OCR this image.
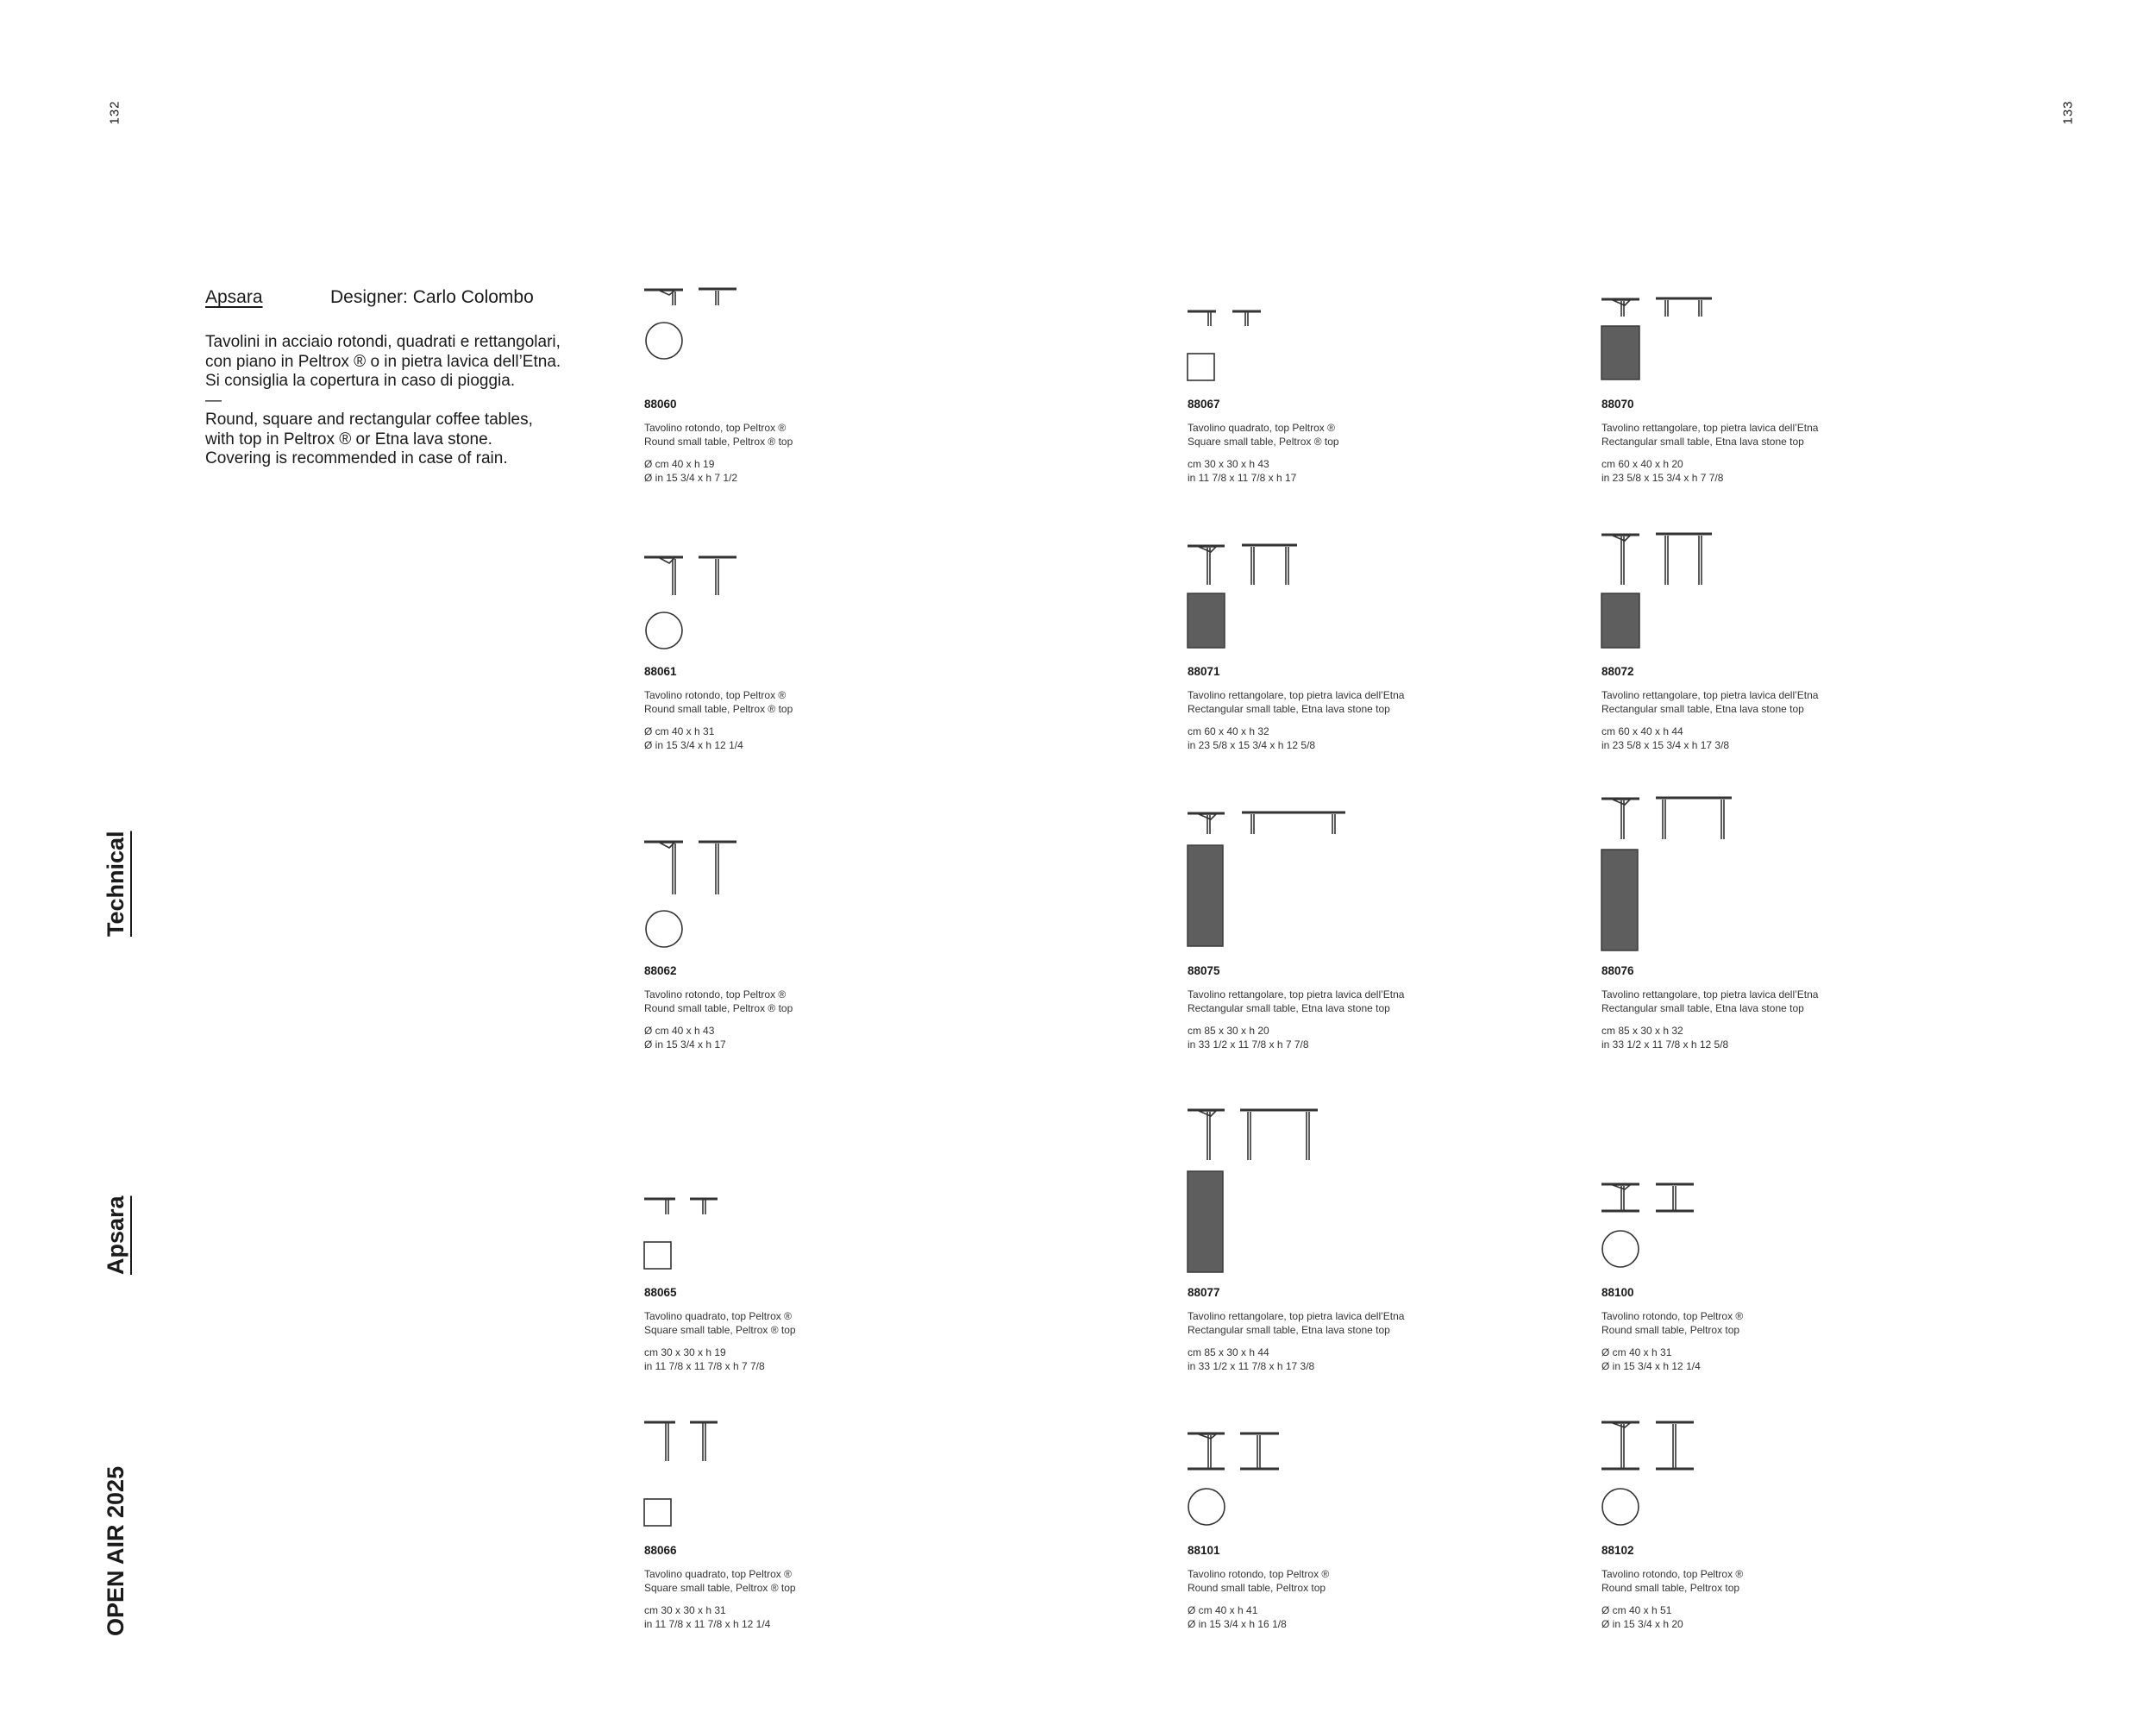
132	133
Technical
Apsara
OPEN AIR 2025
Apsara	Designer: Carlo Colombo

Tavolini in acciaio rotondi, quadrati e rettangolari,
con piano in Peltrox ® o in pietra lavica dell’Etna.
Si consiglia la copertura in caso di pioggia.

—

Round, square and rectangular coffee tables,
with top in Peltrox ® or Etna lava stone.
Covering is recommended in case of rain.

88060

Tavolino rotondo, top Peltrox ®
Round small table, Peltrox ® top

Ø cm 40 x h 19
Ø in 15 3/4 x h 7 1/2

88067

Tavolino quadrato, top Peltrox ®
Square small table, Peltrox ® top

cm 30 x 30 x h 43
in 11 7/8 x 11 7/8 x h 17

88070

Tavolino rettangolare, top pietra lavica dell’Etna
Rectangular small table, Etna lava stone top

cm 60 x 40 x h 20
in 23 5/8 x 15 3/4 x h 7 7/8

88061

Tavolino rotondo, top Peltrox ®
Round small table, Peltrox ® top

Ø cm 40 x h 31
Ø in 15 3/4 x h 12 1/4

88071

Tavolino rettangolare, top pietra lavica dell’Etna
Rectangular small table, Etna lava stone top

cm 60 x 40 x h 32
in 23 5/8 x 15 3/4 x h 12 5/8

88072

Tavolino rettangolare, top pietra lavica dell’Etna
Rectangular small table, Etna lava stone top

cm 60 x 40 x h 44
in 23 5/8 x 15 3/4 x h 17 3/8

88062

Tavolino rotondo, top Peltrox ®
Round small table, Peltrox ® top

Ø cm 40 x h 43
Ø in 15 3/4 x h 17

88075

Tavolino rettangolare, top pietra lavica dell’Etna
Rectangular small table, Etna lava stone top

cm 85 x 30 x h 20
in 33 1/2 x 11 7/8 x h 7 7/8

88076

Tavolino rettangolare, top pietra lavica dell’Etna
Rectangular small table, Etna lava stone top

cm 85 x 30 x h 32
in 33 1/2 x 11 7/8 x h 12 5/8

88065

Tavolino quadrato, top Peltrox ®
Square small table, Peltrox ® top

cm 30 x 30 x h 19
in 11 7/8 x 11 7/8 x h 7 7/8

88077

Tavolino rettangolare, top pietra lavica dell’Etna
Rectangular small table, Etna lava stone top

cm 85 x 30 x h 44
in 33 1/2 x 11 7/8 x h 17 3/8

88100

Tavolino rotondo, top Peltrox ®
Round small table, Peltrox top

Ø cm 40 x h 31
Ø in 15 3/4 x h 12 1/4

88066

Tavolino quadrato, top Peltrox ®
Square small table, Peltrox ® top

cm 30 x 30 x h 31
in 11 7/8 x 11 7/8 x h 12 1/4

88101

Tavolino rotondo, top Peltrox ®
Round small table, Peltrox top

Ø cm 40 x h 41
Ø in 15 3/4 x h 16 1/8

88102

Tavolino rotondo, top Peltrox ®
Round small table, Peltrox top

Ø cm 40 x h 51
Ø in 15 3/4 x h 20
